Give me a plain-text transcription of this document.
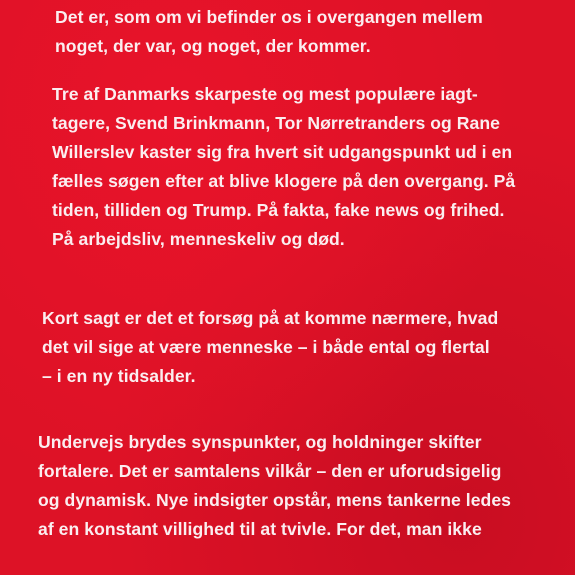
Det er, som om vi befinder os i overgangen mellem
noget, der var, og noget, der kommer.

Tre af Danmarks skarpeste og mest populære iagt-
tagere, Svend Brinkmann, Tor Nørretranders og Rane
Willerslev kaster sig fra hvert sit udgangspunkt ud i en
fælles søgen efter at blive klogere på den overgang. På
tiden, tilliden og Trump. På fakta, fake news og frihed.
På arbejdsliv, menneskeliv og død.

Kort sagt er det et forsøg på at komme nærmere, hvad
det vil sige at være menneske – i både ental og flertal
– i en ny tidsalder.

Undervejs brydes synspunkter, og holdninger skifter
fortalere. Det er samtalens vilkår – den er uforudsigelig
og dynamisk. Nye indsigter opstår, mens tankerne ledes
af en konstant villighed til at tvivle. For det, man ikke
